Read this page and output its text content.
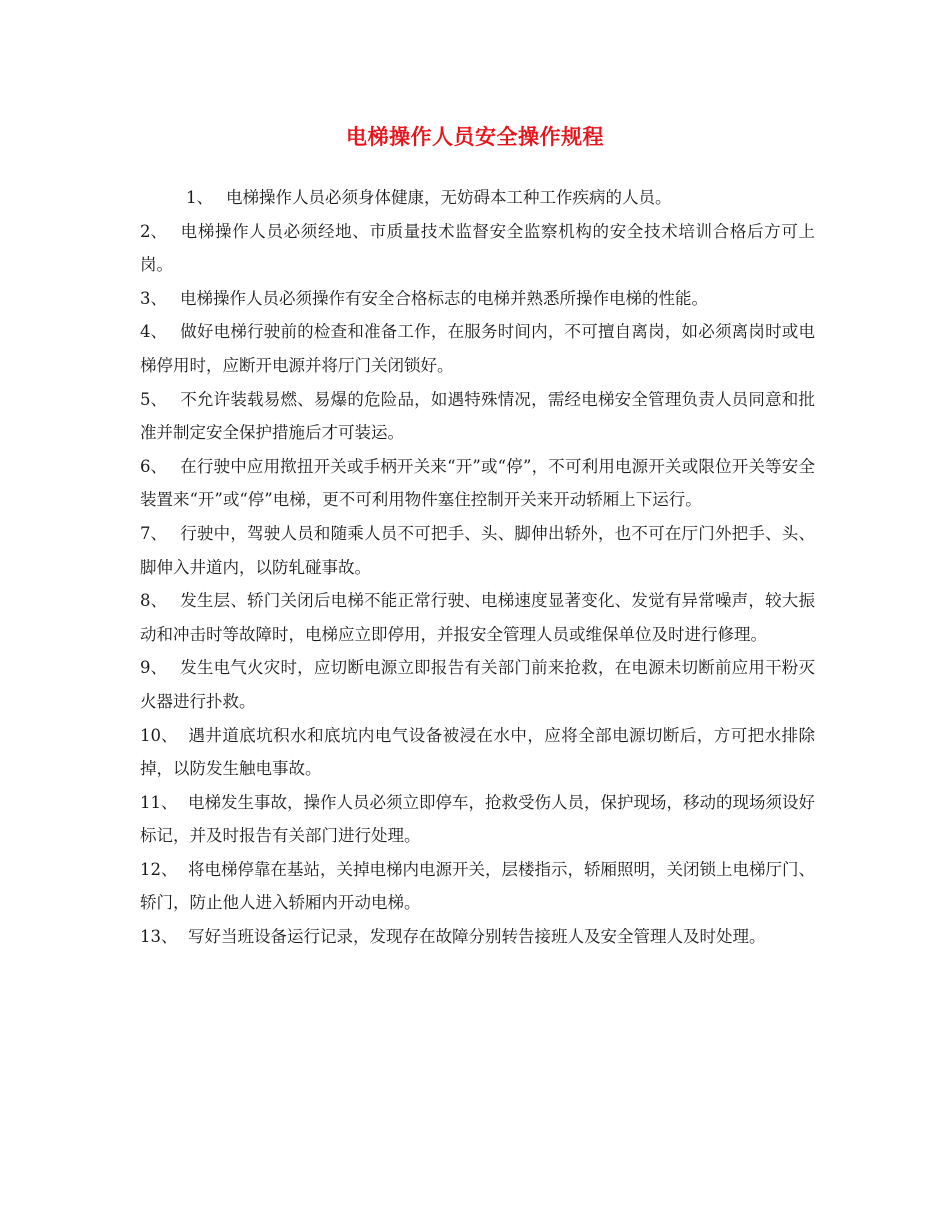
电梯操作人员安全操作规程

1、 电梯操作人员必须身体健康，无妨碍本工种工作疾病的人员。

2、 电梯操作人员必须经地、市质量技术监督安全监察机构的安全技术培训合格后方可上岗。

3、 电梯操作人员必须操作有安全合格标志的电梯并熟悉所操作电梯的性能。

4、 做好电梯行驶前的检查和准备工作，在服务时间内，不可擅自离岗，如必须离岗时或电梯停用时，应断开电源并将厅门关闭锁好。

5、 不允许装载易燃、易爆的危险品，如遇特殊情况，需经电梯安全管理负责人员同意和批准并制定安全保护措施后才可装运。

6、 在行驶中应用揿扭开关或手柄开关来“开”或“停”，不可利用电源开关或限位开关等安全装置来“开”或“停”电梯，更不可利用物件塞住控制开关来开动轿厢上下运行。

7、 行驶中，驾驶人员和随乘人员不可把手、头、脚伸出轿外，也不可在厅门外把手、头、脚伸入井道内，以防轧碰事故。

8、 发生层、轿门关闭后电梯不能正常行驶、电梯速度显著变化、发觉有异常噪声，较大振动和冲击时等故障时，电梯应立即停用，并报安全管理人员或维保单位及时进行修理。

9、 发生电气火灾时，应切断电源立即报告有关部门前来抢救，在电源未切断前应用干粉灭火器进行扑救。

10、 遇井道底坑积水和底坑内电气设备被浸在水中，应将全部电源切断后，方可把水排除掉，以防发生触电事故。

11、 电梯发生事故，操作人员必须立即停车，抢救受伤人员，保护现场，移动的现场须设好标记，并及时报告有关部门进行处理。

12、 将电梯停靠在基站，关掉电梯内电源开关，层楼指示，轿厢照明，关闭锁上电梯厅门、轿门，防止他人进入轿厢内开动电梯。

13、 写好当班设备运行记录，发现存在故障分别转告接班人及安全管理人及时处理。
